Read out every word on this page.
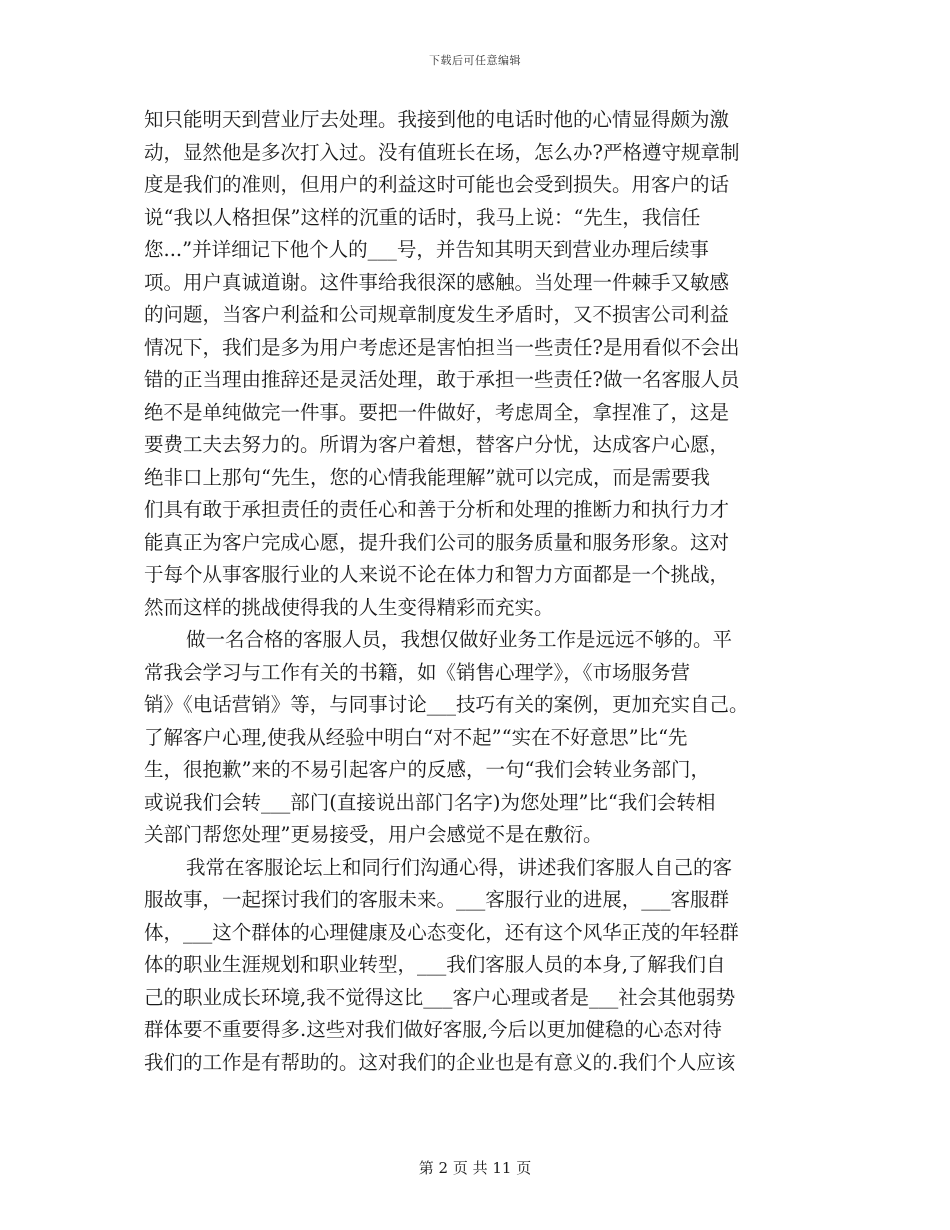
下载后可任意编辑
知只能明天到营业厅去处理。我接到他的电话时他的心情显得颇为激
动，显然他是多次打入过。没有值班长在场，怎么办?严格遵守规章制
度是我们的准则，但用户的利益这时可能也会受到损失。用客户的话
说“我以人格担保”这样的沉重的话时，我马上说：“先生，我信任
您...”并详细记下他个人的___号，并告知其明天到营业办理后续事
项。用户真诚道谢。这件事给我很深的感触。当处理一件棘手又敏感
的问题，当客户利益和公司规章制度发生矛盾时，又不损害公司利益
情况下，我们是多为用户考虑还是害怕担当一些责任?是用看似不会出
错的正当理由推辞还是灵活处理，敢于承担一些责任?做一名客服人员
绝不是单纯做完一件事。要把一件做好，考虑周全，拿捏准了，这是
要费工夫去努力的。所谓为客户着想，替客户分忧，达成客户心愿，
绝非口上那句“先生，您的心情我能理解”就可以完成，而是需要我
们具有敢于承担责任的责任心和善于分析和处理的推断力和执行力才
能真正为客户完成心愿，提升我们公司的服务质量和服务形象。这对
于每个从事客服行业的人来说不论在体力和智力方面都是一个挑战，
然而这样的挑战使得我的人生变得精彩而充实。
做一名合格的客服人员，我想仅做好业务工作是远远不够的。平
常我会学习与工作有关的书籍，如《销售心理学》，《市场服务营
销》《电话营销》等，与同事讨论___技巧有关的案例，更加充实自己。
了解客户心理,使我从经验中明白“对不起”“实在不好意思”比“先
生，很抱歉”来的不易引起客户的反感，一句“我们会转业务部门，
或说我们会转___部门(直接说出部门名字)为您处理”比“我们会转相
关部门帮您处理”更易接受，用户会感觉不是在敷衍。
我常在客服论坛上和同行们沟通心得，讲述我们客服人自己的客
服故事，一起探讨我们的客服未来。___客服行业的进展，___客服群
体，___这个群体的心理健康及心态变化，还有这个风华正茂的年轻群
体的职业生涯规划和职业转型，___我们客服人员的本身,了解我们自
己的职业成长环境,我不觉得这比___客户心理或者是___社会其他弱势
群体要不重要得多.这些对我们做好客服,今后以更加健稳的心态对待
我们的工作是有帮助的。这对我们的企业也是有意义的.我们个人应该
第 2 页 共 11 页
